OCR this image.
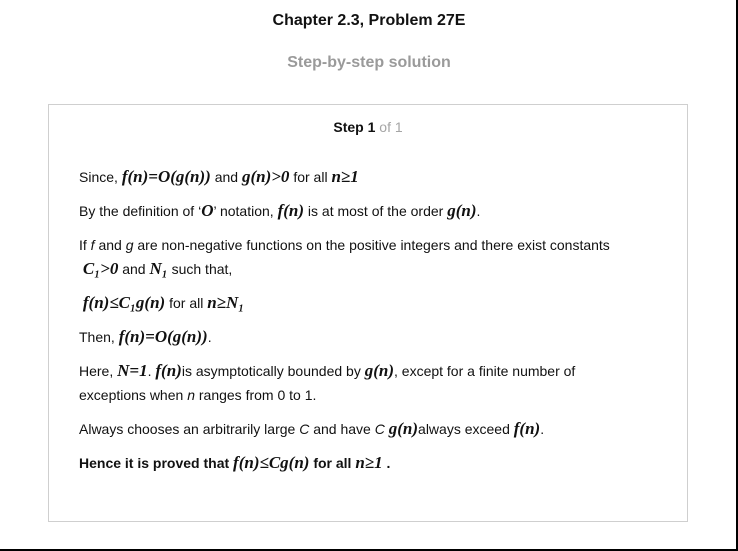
Chapter 2.3, Problem 27E
Step-by-step solution
Step 1 of 1
Since, f(n)=O(g(n)) and g(n)>0 for all n≥1
By the definition of ‘O’ notation, f(n) is at most of the order g(n).
If f and g are non-negative functions on the positive integers and there exist constants
C₁>0 and N₁ such that,
f(n)≤C₁g(n) for all n≥N₁
Then, f(n)=O(g(n)).
Here, N=1. f(n)is asymptotically bounded by g(n), except for a finite number of
exceptions when n ranges from 0 to 1.
Always chooses an arbitrarily large C and have C g(n)always exceed f(n).
Hence it is proved that f(n)≤Cg(n) for all n≥1 .
